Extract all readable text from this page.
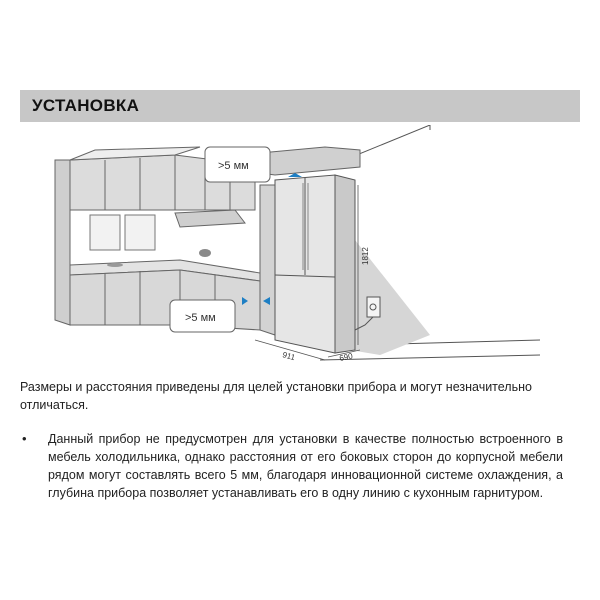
УСТАНОВКА
>5 мм
>5 мм
911	690
1812
Размеры и расстояния приведены для целей установки прибора и могут незначительно отличаться.
• Данный прибор не предусмотрен для установки в качестве полностью встроенного в мебель холодильника, однако расстояния от его боковых сторон до корпусной мебели рядом могут составлять всего 5 мм, благодаря инновационной системе охлаждения, а глубина прибора позволяет устанавливать его в одну линию с кухонным гарнитуром.
